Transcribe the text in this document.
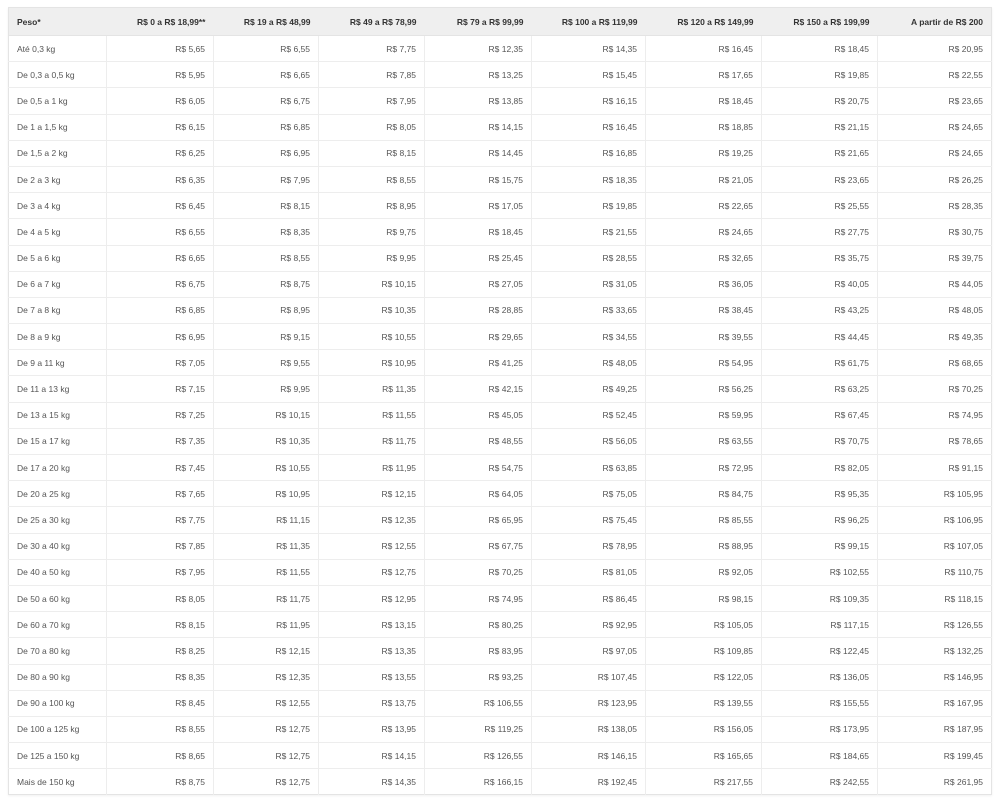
Peso*	R$ 0 a R$ 18,99**	R$ 19 a R$ 48,99	R$ 49 a R$ 78,99	R$ 79 a R$ 99,99	R$ 100 a R$ 119,99	R$ 120 a R$ 149,99	R$ 150 a R$ 199,99	A partir de R$ 200
Até 0,3 kg	R$ 5,65	R$ 6,55	R$ 7,75	R$ 12,35	R$ 14,35	R$ 16,45	R$ 18,45	R$ 20,95
De 0,3 a 0,5 kg	R$ 5,95	R$ 6,65	R$ 7,85	R$ 13,25	R$ 15,45	R$ 17,65	R$ 19,85	R$ 22,55
De 0,5 a 1 kg	R$ 6,05	R$ 6,75	R$ 7,95	R$ 13,85	R$ 16,15	R$ 18,45	R$ 20,75	R$ 23,65
De 1 a 1,5 kg	R$ 6,15	R$ 6,85	R$ 8,05	R$ 14,15	R$ 16,45	R$ 18,85	R$ 21,15	R$ 24,65
De 1,5 a 2 kg	R$ 6,25	R$ 6,95	R$ 8,15	R$ 14,45	R$ 16,85	R$ 19,25	R$ 21,65	R$ 24,65
De 2 a 3 kg	R$ 6,35	R$ 7,95	R$ 8,55	R$ 15,75	R$ 18,35	R$ 21,05	R$ 23,65	R$ 26,25
De 3 a 4 kg	R$ 6,45	R$ 8,15	R$ 8,95	R$ 17,05	R$ 19,85	R$ 22,65	R$ 25,55	R$ 28,35
De 4 a 5 kg	R$ 6,55	R$ 8,35	R$ 9,75	R$ 18,45	R$ 21,55	R$ 24,65	R$ 27,75	R$ 30,75
De 5 a 6 kg	R$ 6,65	R$ 8,55	R$ 9,95	R$ 25,45	R$ 28,55	R$ 32,65	R$ 35,75	R$ 39,75
De 6 a 7 kg	R$ 6,75	R$ 8,75	R$ 10,15	R$ 27,05	R$ 31,05	R$ 36,05	R$ 40,05	R$ 44,05
De 7 a 8 kg	R$ 6,85	R$ 8,95	R$ 10,35	R$ 28,85	R$ 33,65	R$ 38,45	R$ 43,25	R$ 48,05
De 8 a 9 kg	R$ 6,95	R$ 9,15	R$ 10,55	R$ 29,65	R$ 34,55	R$ 39,55	R$ 44,45	R$ 49,35
De 9 a 11 kg	R$ 7,05	R$ 9,55	R$ 10,95	R$ 41,25	R$ 48,05	R$ 54,95	R$ 61,75	R$ 68,65
De 11 a 13 kg	R$ 7,15	R$ 9,95	R$ 11,35	R$ 42,15	R$ 49,25	R$ 56,25	R$ 63,25	R$ 70,25
De 13 a 15 kg	R$ 7,25	R$ 10,15	R$ 11,55	R$ 45,05	R$ 52,45	R$ 59,95	R$ 67,45	R$ 74,95
De 15 a 17 kg	R$ 7,35	R$ 10,35	R$ 11,75	R$ 48,55	R$ 56,05	R$ 63,55	R$ 70,75	R$ 78,65
De 17 a 20 kg	R$ 7,45	R$ 10,55	R$ 11,95	R$ 54,75	R$ 63,85	R$ 72,95	R$ 82,05	R$ 91,15
De 20 a 25 kg	R$ 7,65	R$ 10,95	R$ 12,15	R$ 64,05	R$ 75,05	R$ 84,75	R$ 95,35	R$ 105,95
De 25 a 30 kg	R$ 7,75	R$ 11,15	R$ 12,35	R$ 65,95	R$ 75,45	R$ 85,55	R$ 96,25	R$ 106,95
De 30 a 40 kg	R$ 7,85	R$ 11,35	R$ 12,55	R$ 67,75	R$ 78,95	R$ 88,95	R$ 99,15	R$ 107,05
De 40 a 50 kg	R$ 7,95	R$ 11,55	R$ 12,75	R$ 70,25	R$ 81,05	R$ 92,05	R$ 102,55	R$ 110,75
De 50 a 60 kg	R$ 8,05	R$ 11,75	R$ 12,95	R$ 74,95	R$ 86,45	R$ 98,15	R$ 109,35	R$ 118,15
De 60 a 70 kg	R$ 8,15	R$ 11,95	R$ 13,15	R$ 80,25	R$ 92,95	R$ 105,05	R$ 117,15	R$ 126,55
De 70 a 80 kg	R$ 8,25	R$ 12,15	R$ 13,35	R$ 83,95	R$ 97,05	R$ 109,85	R$ 122,45	R$ 132,25
De 80 a 90 kg	R$ 8,35	R$ 12,35	R$ 13,55	R$ 93,25	R$ 107,45	R$ 122,05	R$ 136,05	R$ 146,95
De 90 a 100 kg	R$ 8,45	R$ 12,55	R$ 13,75	R$ 106,55	R$ 123,95	R$ 139,55	R$ 155,55	R$ 167,95
De 100 a 125 kg	R$ 8,55	R$ 12,75	R$ 13,95	R$ 119,25	R$ 138,05	R$ 156,05	R$ 173,95	R$ 187,95
De 125 a 150 kg	R$ 8,65	R$ 12,75	R$ 14,15	R$ 126,55	R$ 146,15	R$ 165,65	R$ 184,65	R$ 199,45
Mais de 150 kg	R$ 8,75	R$ 12,75	R$ 14,35	R$ 166,15	R$ 192,45	R$ 217,55	R$ 242,55	R$ 261,95
